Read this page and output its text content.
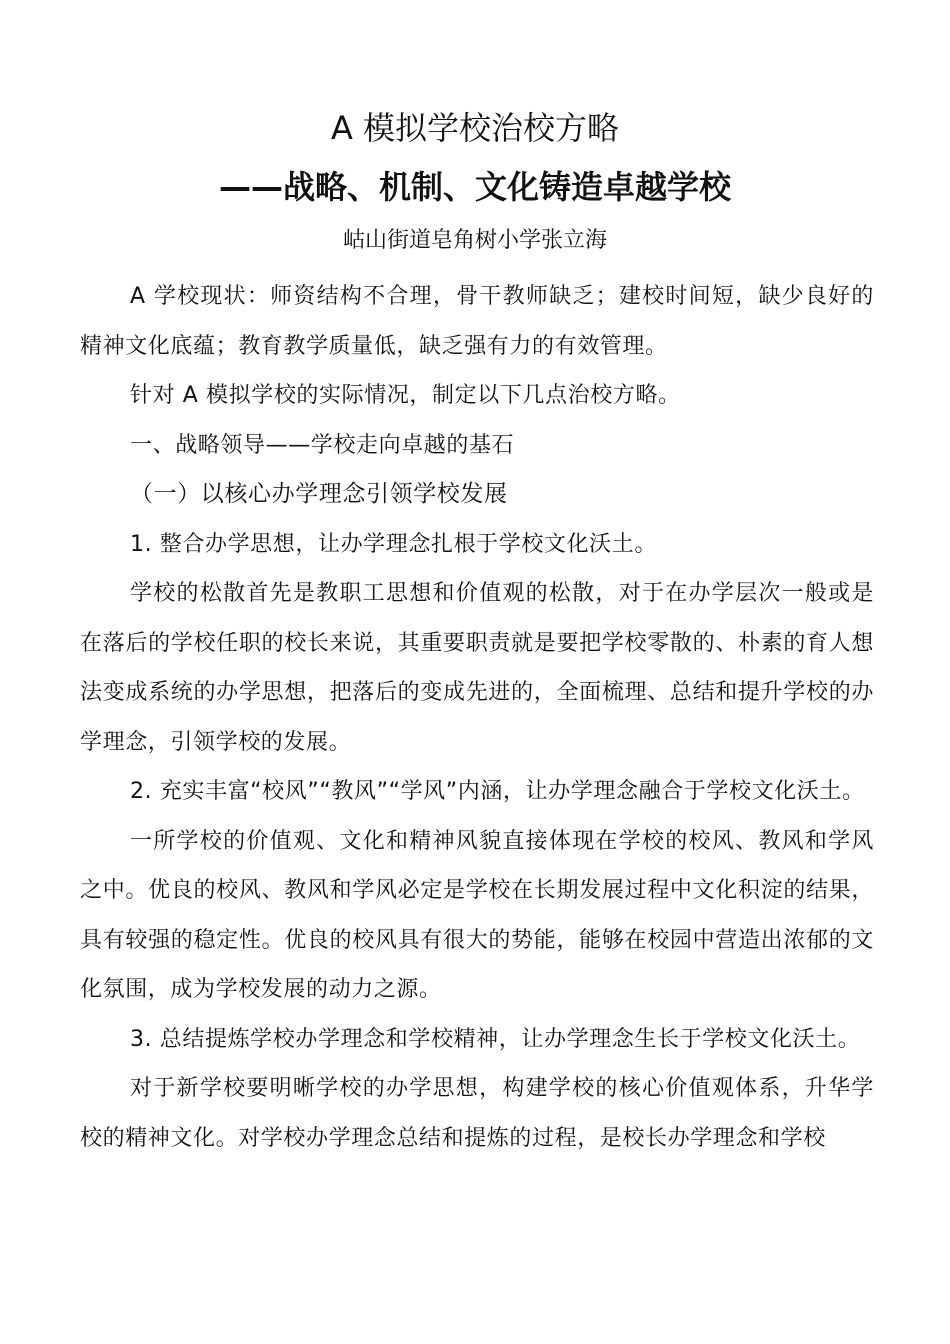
A 模拟学校治校方略
——战略、机制、文化铸造卓越学校

岵山街道皂角树小学张立海

A 学校现状：师资结构不合理，骨干教师缺乏；建校时间短，缺少良好的精神文化底蕴；教育教学质量低，缺乏强有力的有效管理。

针对 A 模拟学校的实际情况，制定以下几点治校方略。

一、战略领导——学校走向卓越的基石

（一）以核心办学理念引领学校发展

1. 整合办学思想，让办学理念扎根于学校文化沃土。

学校的松散首先是教职工思想和价值观的松散，对于在办学层次一般或是在落后的学校任职的校长来说，其重要职责就是要把学校零散的、朴素的育人想法变成系统的办学思想，把落后的变成先进的，全面梳理、总结和提升学校的办学理念，引领学校的发展。

2. 充实丰富“校风”“教风”“学风”内涵，让办学理念融合于学校文化沃土。

一所学校的价值观、文化和精神风貌直接体现在学校的校风、教风和学风之中。优良的校风、教风和学风必定是学校在长期发展过程中文化积淀的结果，具有较强的稳定性。优良的校风具有很大的势能，能够在校园中营造出浓郁的文化氛围，成为学校发展的动力之源。

3. 总结提炼学校办学理念和学校精神，让办学理念生长于学校文化沃土。

对于新学校要明晰学校的办学思想，构建学校的核心价值观体系，升华学校的精神文化。对学校办学理念总结和提炼的过程，是校长办学理念和学校
